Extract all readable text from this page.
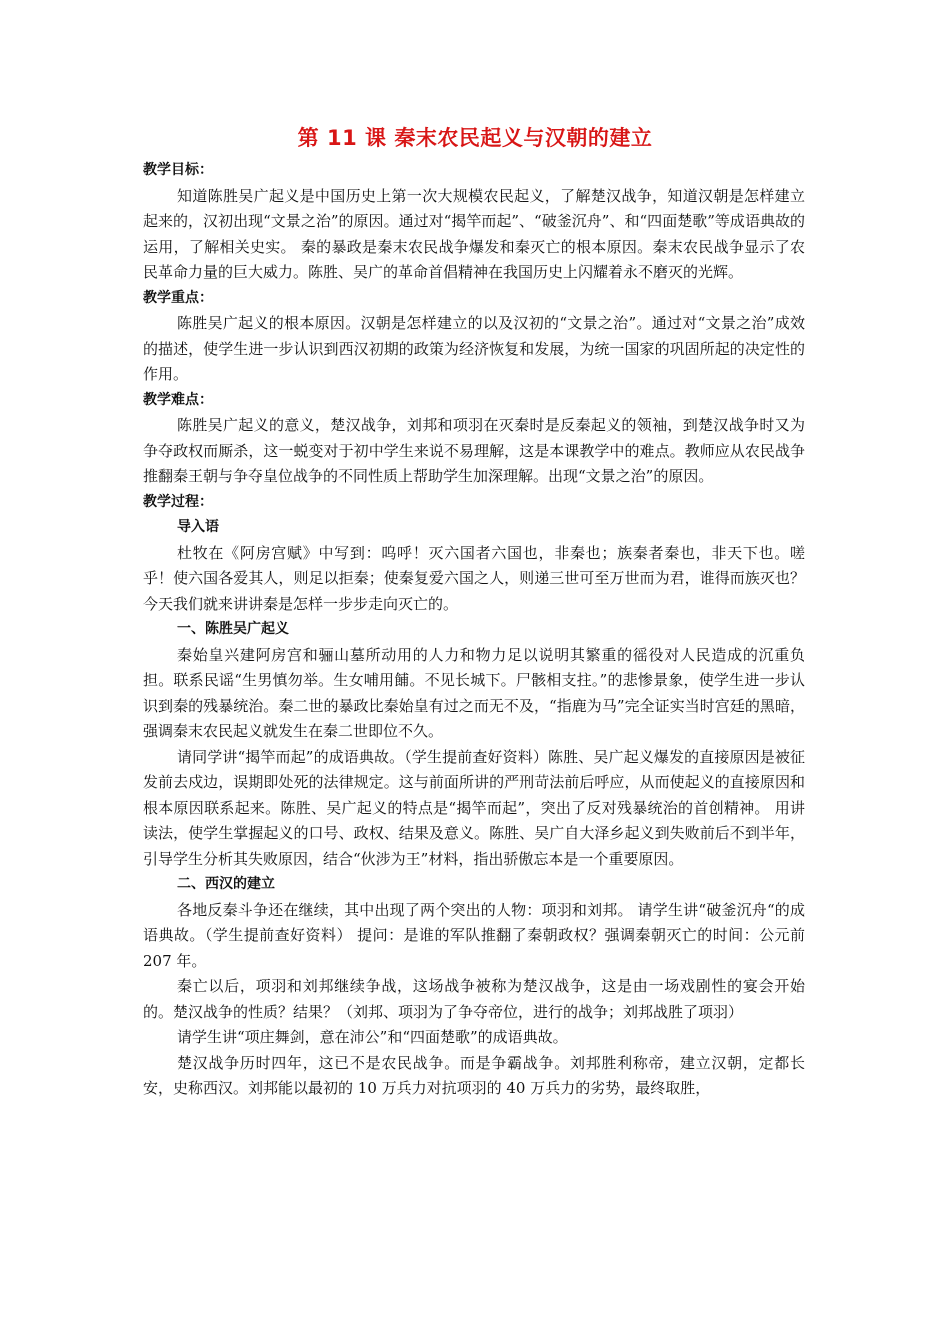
第 11 课 秦末农民起义与汉朝的建立
教学目标：

知道陈胜吴广起义是中国历史上第一次大规模农民起义，了解楚汉战争，知道汉朝是怎样建立起来的，汉初出现“文景之治”的原因。通过对“揭竿而起”、“破釜沉舟”、和“四面楚歌”等成语典故的运用，了解相关史实。 秦的暴政是秦末农民战争爆发和秦灭亡的根本原因。秦末农民战争显示了农民革命力量的巨大威力。陈胜、吴广的革命首倡精神在我国历史上闪耀着永不磨灭的光辉。

教学重点：

陈胜吴广起义的根本原因。汉朝是怎样建立的以及汉初的“文景之治”。通过对“文景之治”成效的描述，使学生进一步认识到西汉初期的政策为经济恢复和发展，为统一国家的巩固所起的决定性的作用。

教学难点：

陈胜吴广起义的意义，楚汉战争，刘邦和项羽在灭秦时是反秦起义的领袖，到楚汉战争时又为争夺政权而厮杀，这一蜕变对于初中学生来说不易理解，这是本课教学中的难点。教师应从农民战争推翻秦王朝与争夺皇位战争的不同性质上帮助学生加深理解。出现“文景之治”的原因。

教学过程：
导入语

杜牧在《阿房宫赋》中写到：呜呼！灭六国者六国也，非秦也；族秦者秦也，非天下也。嗟乎！使六国各爱其人，则足以拒秦；使秦复爱六国之人，则递三世可至万世而为君，谁得而族灭也？今天我们就来讲讲秦是怎样一步步走向灭亡的。

一、陈胜吴广起义

秦始皇兴建阿房宫和骊山墓所动用的人力和物力足以说明其繁重的徭役对人民造成的沉重负担。联系民谣“生男慎勿举。生女哺用餔。不见长城下。尸骸相支拄。”的悲惨景象，使学生进一步认识到秦的残暴统治。秦二世的暴政比秦始皇有过之而无不及，“指鹿为马”完全证实当时宫廷的黑暗，强调秦末农民起义就发生在秦二世即位不久。

请同学讲“揭竿而起”的成语典故。（学生提前查好资料）陈胜、吴广起义爆发的直接原因是被征发前去戍边，误期即处死的法律规定。这与前面所讲的严刑苛法前后呼应，从而使起义的直接原因和根本原因联系起来。陈胜、吴广起义的特点是“揭竿而起”，突出了反对残暴统治的首创精神。 用讲读法，使学生掌握起义的口号、政权、结果及意义。陈胜、吴广自大泽乡起义到失败前后不到半年，引导学生分析其失败原因，结合“伙涉为王”材料，指出骄傲忘本是一个重要原因。

二、西汉的建立

各地反秦斗争还在继续，其中出现了两个突出的人物：项羽和刘邦。 请学生讲“破釜沉舟“的成语典故。（学生提前查好资料） 提问：是谁的军队推翻了秦朝政权？强调秦朝灭亡的时间：公元前 207 年。

秦亡以后，项羽和刘邦继续争战，这场战争被称为楚汉战争，这是由一场戏剧性的宴会开始的。楚汉战争的性质？结果？（刘邦、项羽为了争夺帝位，进行的战争；刘邦战胜了项羽）

请学生讲“项庄舞剑，意在沛公”和“四面楚歌”的成语典故。

楚汉战争历时四年，这已不是农民战争。而是争霸战争。刘邦胜利称帝，建立汉朝，定都长安，史称西汉。刘邦能以最初的 10 万兵力对抗项羽的 40 万兵力的劣势，最终取胜，
